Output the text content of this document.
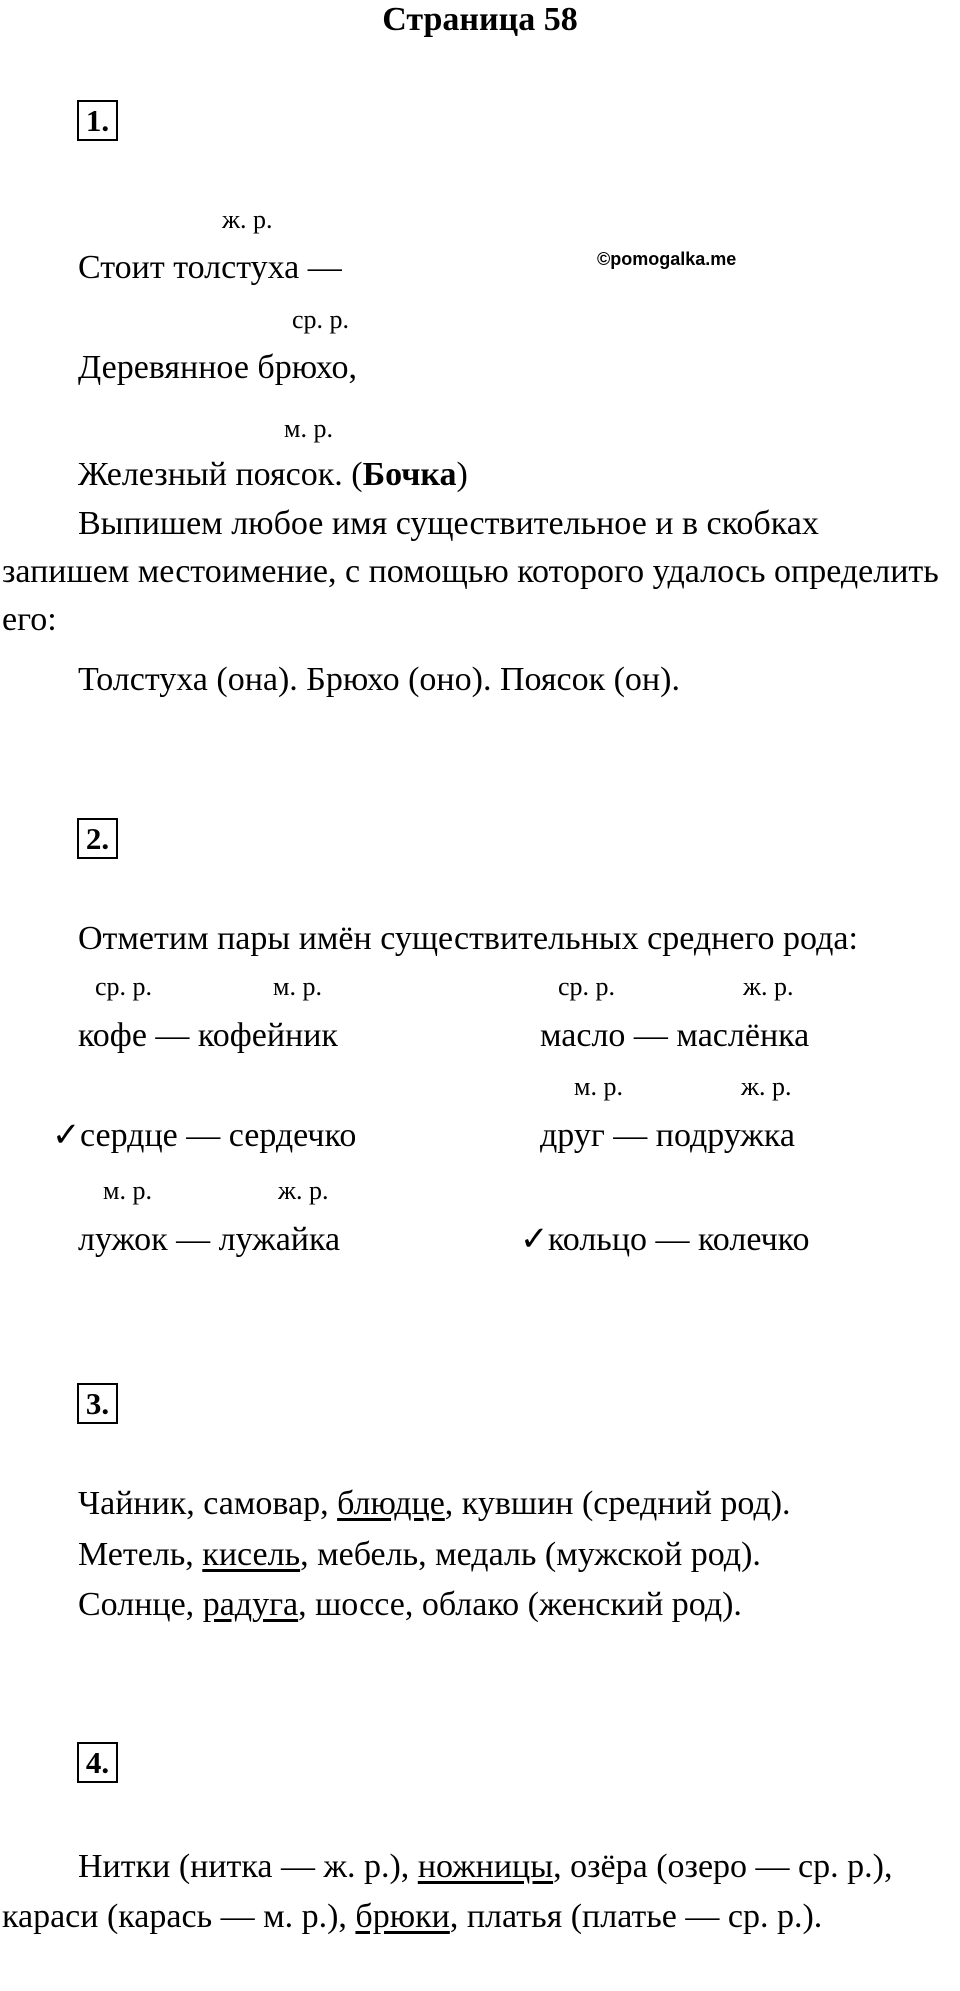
Страница 58
1.
ж. р.
Стоит толстуха —	©pomogalka.me
ср. р.
Деревянное брюхо,
м. р.
Железный поясок. (Бочка)
Выпишем любое имя существительное и в скобках запишем местоимение, с помощью которого удалось определить его:
Толстуха (она). Брюхо (оно). Поясок (он).
2.
Отметим пары имён существительных среднего рода:
ср. р.	м. р.	ср. р.	ж. р.
кофе — кофейник	масло — маслёнка
м. р.	ж. р.
✓ сердце — сердечко	друг — подружка
м. р.	ж. р.
лужок — лужайка	✓ кольцо — колечко
3.
Чайник, самовар, блюдце, кувшин (средний род).
Метель, кисель, мебель, медаль (мужской род).
Солнце, радуга, шоссе, облако (женский род).
4.
Нитки (нитка — ж. р.), ножницы, озёра (озеро — ср. р.), караси (карась — м. р.), брюки, платья (платье — ср. р.).
